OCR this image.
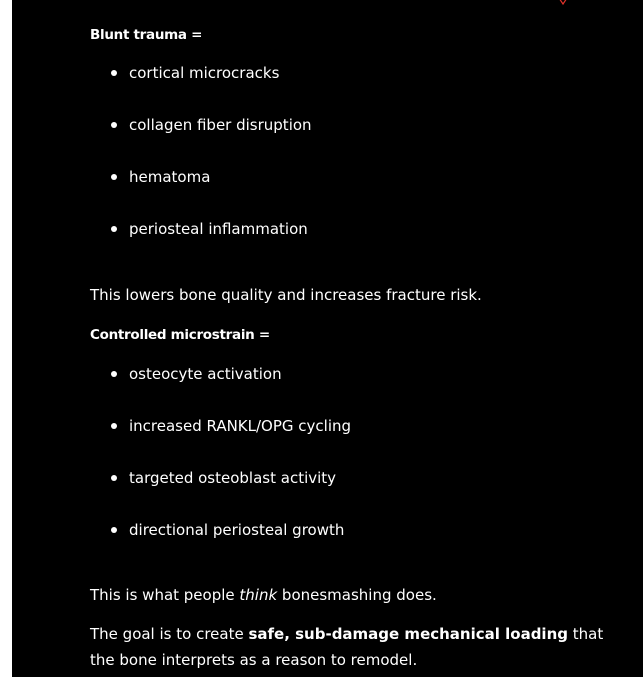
Blunt trauma =

cortical microcracks
collagen fiber disruption
hematoma
periosteal inflammation

This lowers bone quality and increases fracture risk.

Controlled microstrain =

osteocyte activation
increased RANKL/OPG cycling
targeted osteoblast activity
directional periosteal growth

This is what people think bonesmashing does.

The goal is to create safe, sub-damage mechanical loading that
the bone interprets as a reason to remodel.
